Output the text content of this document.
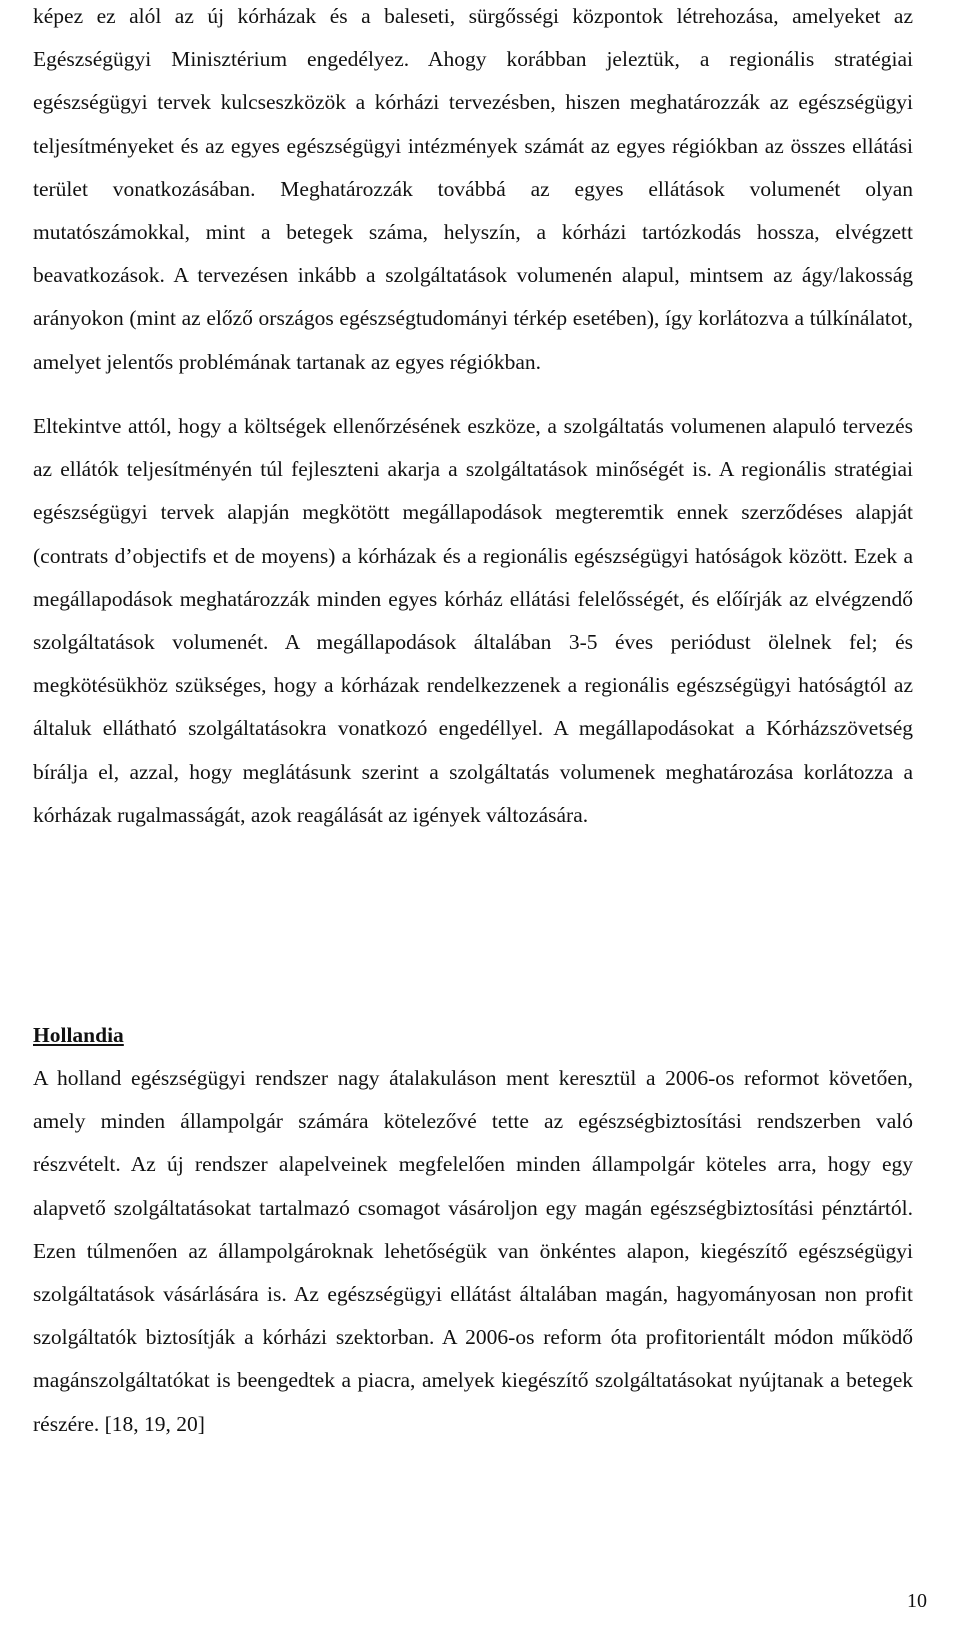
képez ez alól az új kórházak és a baleseti, sürgősségi központok létrehozása, amelyeket az Egészségügyi Minisztérium engedélyez. Ahogy korábban jeleztük, a regionális stratégiai egészségügyi tervek kulcseszközök a kórházi tervezésben, hiszen meghatározzák az egészségügyi teljesítményeket és az egyes egészségügyi intézmények számát az egyes régiókban az összes ellátási terület vonatkozásában. Meghatározzák továbbá az egyes ellátások volumenét olyan mutatószámokkal, mint a betegek száma, helyszín, a kórházi tartózkodás hossza, elvégzett beavatkozások. A tervezésen inkább a szolgáltatások volumenén alapul, mintsem az ágy/lakosság arányokon (mint az előző országos egészségtudományi térkép esetében), így korlátozva a túlkínálatot, amelyet jelentős problémának tartanak az egyes régiókban.

Eltekintve attól, hogy a költségek ellenőrzésének eszköze, a szolgáltatás volumenen alapuló tervezés az ellátók teljesítményén túl fejleszteni akarja a szolgáltatások minőségét is. A regionális stratégiai egészségügyi tervek alapján megkötött megállapodások megteremtik ennek szerződéses alapját (contrats d’objectifs et de moyens) a kórházak és a regionális egészségügyi hatóságok között. Ezek a megállapodások meghatározzák minden egyes kórház ellátási felelősségét, és előírják az elvégzendő szolgáltatások volumenét. A megállapodások általában 3-5 éves periódust ölelnek fel; és megkötésükhöz szükséges, hogy a kórházak rendelkezzenek a regionális egészségügyi hatóságtól az általuk ellátható szolgáltatásokra vonatkozó engedéllyel. A megállapodásokat a Kórházszövetség bírálja el, azzal, hogy meglátásunk szerint a szolgáltatás volumenek meghatározása korlátozza a kórházak rugalmasságát, azok reagálását az igények változására.

Hollandia

A holland egészségügyi rendszer nagy átalakuláson ment keresztül a 2006-os reformot követően, amely minden állampolgár számára kötelezővé tette az egészségbiztosítási rendszerben való részvételt. Az új rendszer alapelveinek megfelelően minden állampolgár köteles arra, hogy egy alapvető szolgáltatásokat tartalmazó csomagot vásároljon egy magán egészségbiztosítási pénztártól. Ezen túlmenően az állampolgároknak lehetőségük van önkéntes alapon, kiegészítő egészségügyi szolgáltatások vásárlására is. Az egészségügyi ellátást általában magán, hagyományosan non profit szolgáltatók biztosítják a kórházi szektorban. A 2006-os reform óta profitorientált módon működő magánszolgáltatókat is beengedtek a piacra, amelyek kiegészítő szolgáltatásokat nyújtanak a betegek részére. [18, 19, 20]

10
